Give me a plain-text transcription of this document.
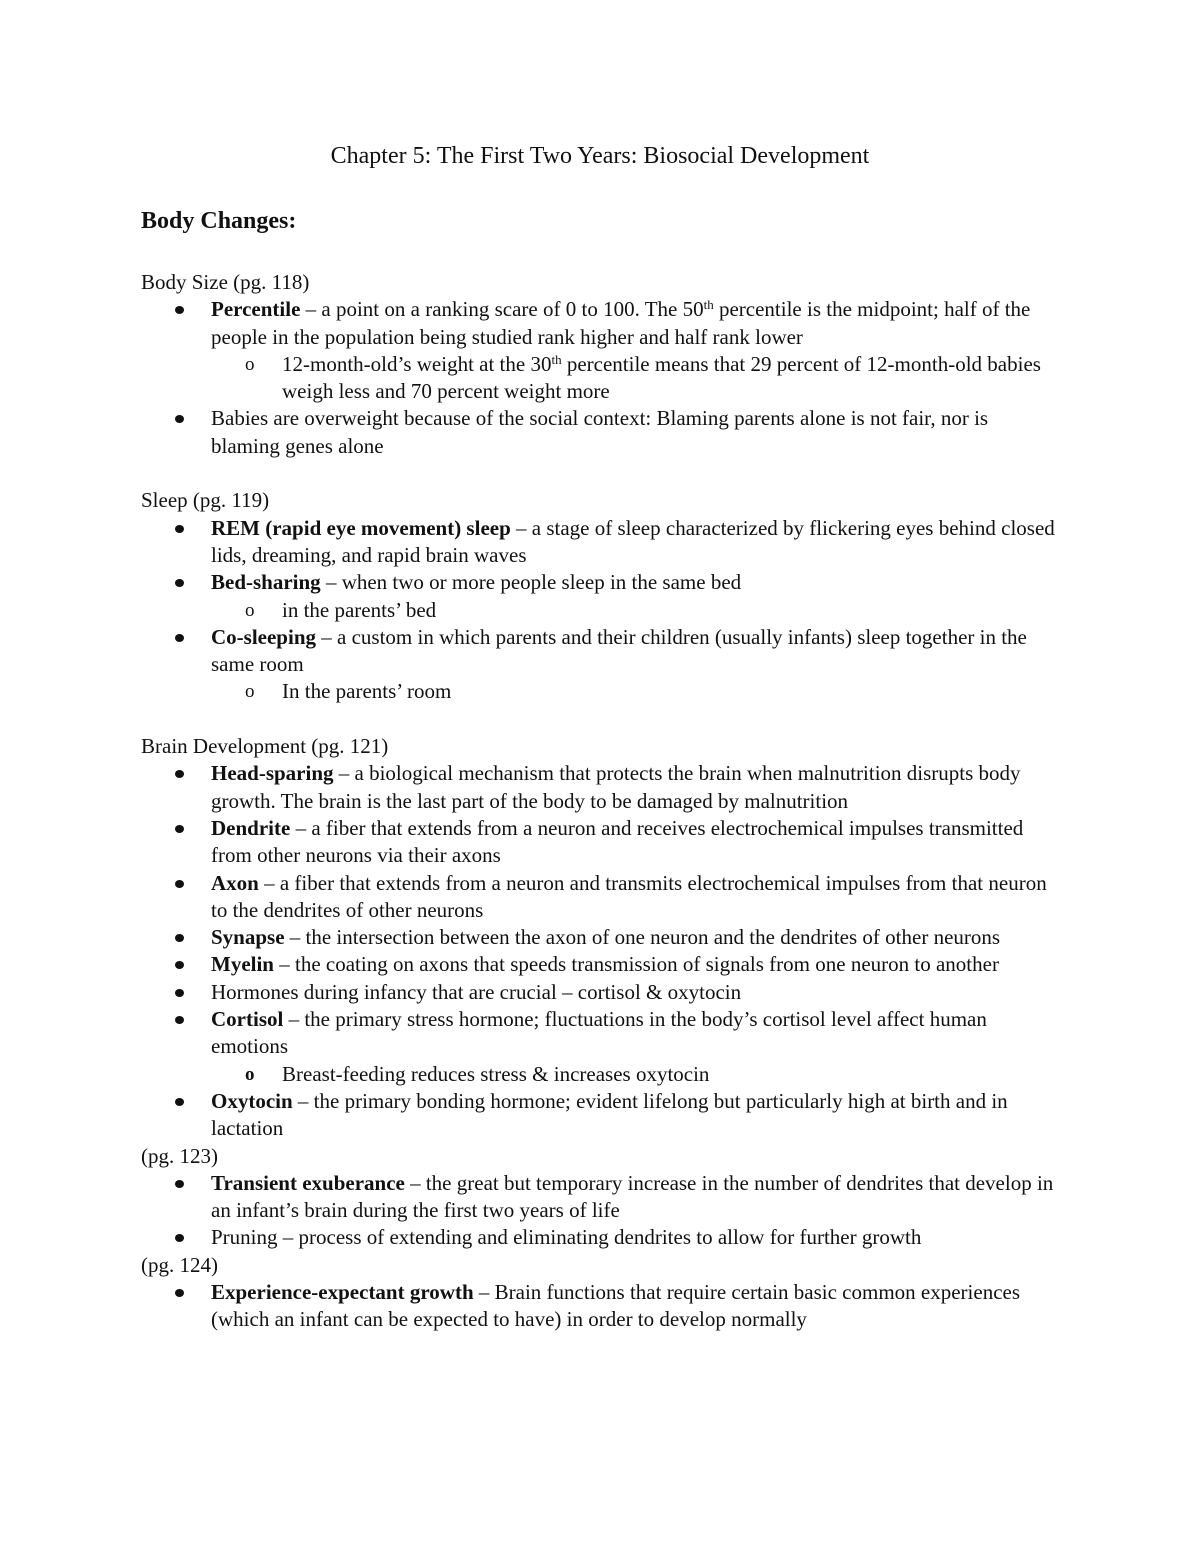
Chapter 5: The First Two Years: Biosocial Development
Body Changes:
Body Size (pg. 118)
Percentile – a point on a ranking scare of 0 to 100. The 50th percentile is the midpoint; half of the people in the population being studied rank higher and half rank lower
o 12-month-old’s weight at the 30th percentile means that 29 percent of 12-month-old babies weigh less and 70 percent weight more
Babies are overweight because of the social context: Blaming parents alone is not fair, nor is blaming genes alone
Sleep (pg. 119)
REM (rapid eye movement) sleep – a stage of sleep characterized by flickering eyes behind closed lids, dreaming, and rapid brain waves
Bed-sharing – when two or more people sleep in the same bed
o in the parents’ bed
Co-sleeping – a custom in which parents and their children (usually infants) sleep together in the same room
o In the parents’ room
Brain Development (pg. 121)
Head-sparing – a biological mechanism that protects the brain when malnutrition disrupts body growth. The brain is the last part of the body to be damaged by malnutrition
Dendrite – a fiber that extends from a neuron and receives electrochemical impulses transmitted from other neurons via their axons
Axon – a fiber that extends from a neuron and transmits electrochemical impulses from that neuron to the dendrites of other neurons
Synapse – the intersection between the axon of one neuron and the dendrites of other neurons
Myelin – the coating on axons that speeds transmission of signals from one neuron to another
Hormones during infancy that are crucial – cortisol & oxytocin
Cortisol – the primary stress hormone; fluctuations in the body’s cortisol level affect human emotions
o Breast-feeding reduces stress & increases oxytocin
Oxytocin – the primary bonding hormone; evident lifelong but particularly high at birth and in lactation
(pg. 123)
Transient exuberance – the great but temporary increase in the number of dendrites that develop in an infant’s brain during the first two years of life
Pruning – process of extending and eliminating dendrites to allow for further growth
(pg. 124)
Experience-expectant growth – Brain functions that require certain basic common experiences (which an infant can be expected to have) in order to develop normally
